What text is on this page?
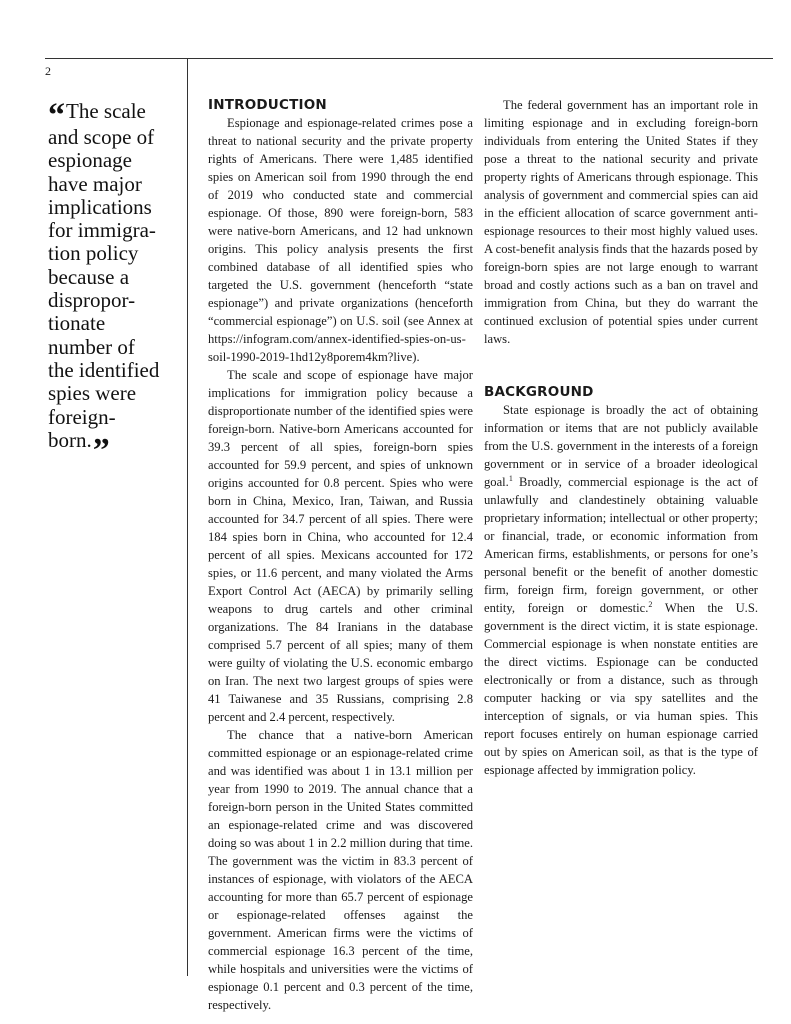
2
“The scale
and scope of
espionage
have major
implications
for immigra-
tion policy
because a
dispropor-
tionate
number of
the identified
spies were
foreign-
born.”
INTRODUCTION

Espionage and espionage-related crimes pose a threat to national security and the private property rights of Americans. There were 1,485 identified spies on American soil from 1990 through the end of 2019 who conducted state and commercial espionage. Of those, 890 were foreign-born, 583 were native-born Americans, and 12 had unknown origins. This policy analysis presents the first combined database of all identified spies who targeted the U.S. government (henceforth “state espionage”) and private organizations (henceforth “commercial espionage”) on U.S. soil (see Annex at https://infogram.com/annex-identified-spies-on-us-soil-1990-2019-1hd12y8porem4km?live).

The scale and scope of espionage have major implications for immigration policy because a disproportionate number of the identified spies were foreign-born. Native-born Americans accounted for 39.3 percent of all spies, foreign-born spies accounted for 59.9 percent, and spies of unknown origins accounted for 0.8 percent. Spies who were born in China, Mexico, Iran, Taiwan, and Russia accounted for 34.7 percent of all spies. There were 184 spies born in China, who accounted for 12.4 percent of all spies. Mexicans accounted for 172 spies, or 11.6 percent, and many violated the Arms Export Control Act (AECA) by primarily selling weapons to drug cartels and other criminal organizations. The 84 Iranians in the database comprised 5.7 percent of all spies; many of them were guilty of violating the U.S. economic embargo on Iran. The next two largest groups of spies were 41 Taiwanese and 35 Russians, comprising 2.8 percent and 2.4 percent, respectively.

The chance that a native-born American committed espionage or an espionage-related crime and was identified was about 1 in 13.1 million per year from 1990 to 2019. The annual chance that a foreign-born person in the United States committed an espionage-related crime and was discovered doing so was about 1 in 2.2 million during that time. The government was the victim in 83.3 percent of instances of espionage, with violators of the AECA accounting for more than 65.7 percent of espionage or espionage-related offenses against the government. American firms were the victims of commercial espionage 16.3 percent of the time, while hospitals and universities were the victims of espionage 0.1 percent and 0.3 percent of the time, respectively.

The federal government has an important role in limiting espionage and in excluding foreign-born individuals from entering the United States if they pose a threat to the national security and private property rights of Americans through espionage. This analysis of government and commercial spies can aid in the efficient allocation of scarce government anti-espionage resources to their most highly valued uses. A cost-benefit analysis finds that the hazards posed by foreign-born spies are not large enough to warrant broad and costly actions such as a ban on travel and immigration from China, but they do warrant the continued exclusion of potential spies under current laws.

BACKGROUND

State espionage is broadly the act of obtaining information or items that are not publicly available from the U.S. government in the interests of a foreign government or in service of a broader ideological goal.$^1$ Broadly, commercial espionage is the act of unlawfully and clandestinely obtaining valuable proprietary information; intellectual or other property; or financial, trade, or economic information from American firms, establishments, or persons for one’s personal benefit or the benefit of another domestic firm, foreign firm, foreign government, or other entity, foreign or domestic.$^2$ When the U.S. government is the direct victim, it is state espionage. Commercial espionage is when nonstate entities are the direct victims. Espionage can be conducted electronically or from a distance, such as through computer hacking or via spy satellites and the interception of signals, or via human spies. This report focuses entirely on human espionage carried out by spies on American soil, as that is the type of espionage affected by immigration policy.
